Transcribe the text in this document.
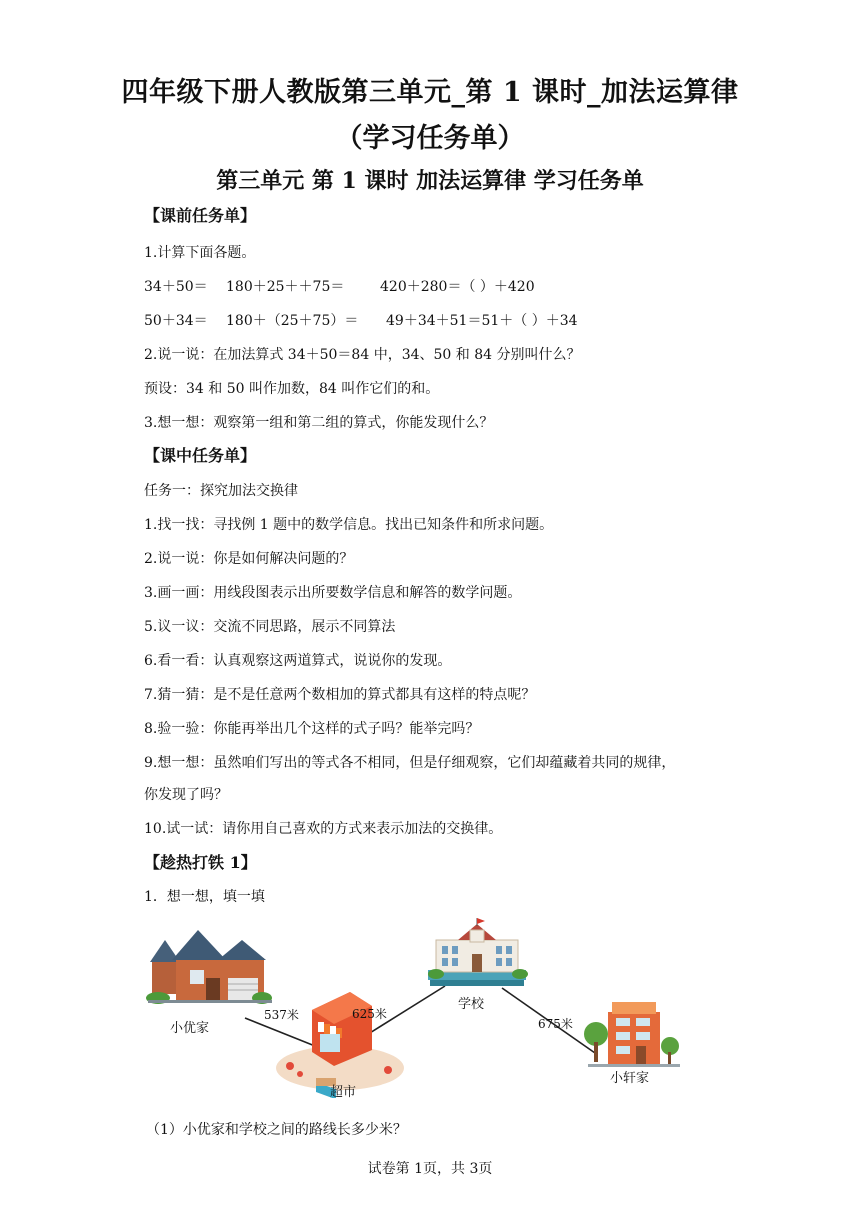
四年级下册人教版第三单元_第 1 课时_加法运算律
（学习任务单）
第三单元 第 1 课时 加法运算律 学习任务单
【课前任务单】
1.计算下面各题。
34＋50＝ 180＋25＋＋75＝	420＋280＝（ ）＋420
50＋34＝ 180＋（25＋75）＝ 49＋34＋51＝51＋（ ）＋34
2.说一说：在加法算式 34＋50＝84 中，34、50 和 84 分别叫什么？
预设：34 和 50 叫作加数，84 叫作它们的和。
3.想一想：观察第一组和第二组的算式，你能发现什么？
【课中任务单】
任务一：探究加法交换律
1.找一找：寻找例 1 题中的数学信息。找出已知条件和所求问题。
2.说一说：你是如何解决问题的？
3.画一画：用线段图表示出所要数学信息和解答的数学问题。
5.议一议：交流不同思路，展示不同算法
6.看一看：认真观察这两道算式，说说你的发现。
7.猜一猜：是不是任意两个数相加的算式都具有这样的特点呢？
8.验一验：你能再举出几个这样的式子吗？能举完吗？
9.想一想：虽然咱们写出的等式各不相同，但是仔细观察，它们却蕴藏着共同的规律，
你发现了吗？
10.试一试：请你用自己喜欢的方式来表示加法的交换律。
【趁热打铁 1】
1．想一想，填一填
小优家
537米	625米
学校
675米
超市
小轩家
（1）小优家和学校之间的路线长多少米？
试卷第 1页，共 3页
